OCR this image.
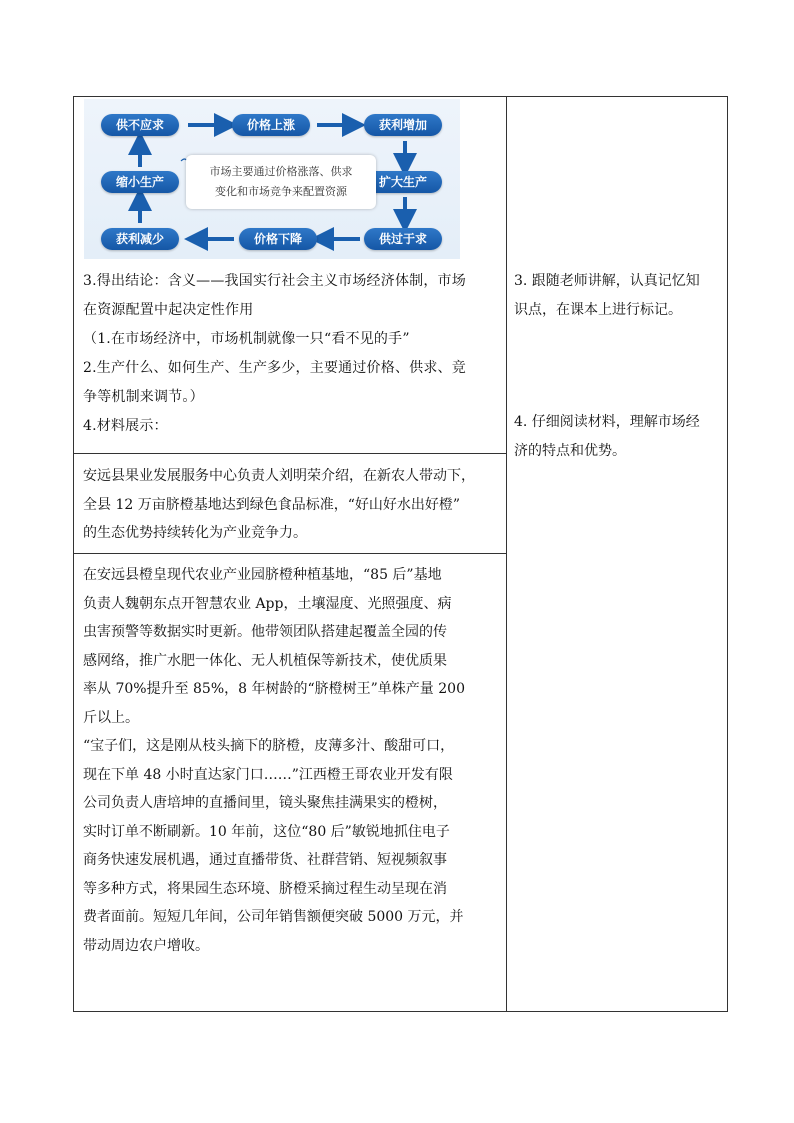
供不应求	价格上涨	获利增加
扩大生产
供过于求
价格下降
获利减少
缩小生产
市场主要通过价格涨落、供求
变化和市场竞争来配置资源
3.得出结论：含义——我国实行社会主义市场经济体制，市场
在资源配置中起决定性作用
（1.在市场经济中，市场机制就像一只“看不见的手”
2.生产什么、如何生产、生产多少，主要通过价格、供求、竞
争等机制来调节。）
4.材料展示：
安远县果业发展服务中心负责人刘明荣介绍，在新农人带动下，
全县 12 万亩脐橙基地达到绿色食品标准，“好山好水出好橙”
的生态优势持续转化为产业竞争力。
在安远县橙皇现代农业产业园脐橙种植基地，“85 后”基地
负责人魏朝东点开智慧农业 App，土壤湿度、光照强度、病
虫害预警等数据实时更新。他带领团队搭建起覆盖全园的传
感网络，推广水肥一体化、无人机植保等新技术，使优质果
率从 70%提升至 85%，8 年树龄的“脐橙树王”单株产量 200
斤以上。
“宝子们，这是刚从枝头摘下的脐橙，皮薄多汁、酸甜可口，
现在下单 48 小时直达家门口……”江西橙王哥农业开发有限
公司负责人唐培坤的直播间里，镜头聚焦挂满果实的橙树，
实时订单不断刷新。10 年前，这位“80 后”敏锐地抓住电子
商务快速发展机遇，通过直播带货、社群营销、短视频叙事
等多种方式，将果园生态环境、脐橙采摘过程生动呈现在消
费者面前。短短几年间，公司年销售额便突破 5000 万元，并
带动周边农户增收。
3. 跟随老师讲解，认真记忆知
识点，在课本上进行标记。
4. 仔细阅读材料，理解市场经
济的特点和优势。
